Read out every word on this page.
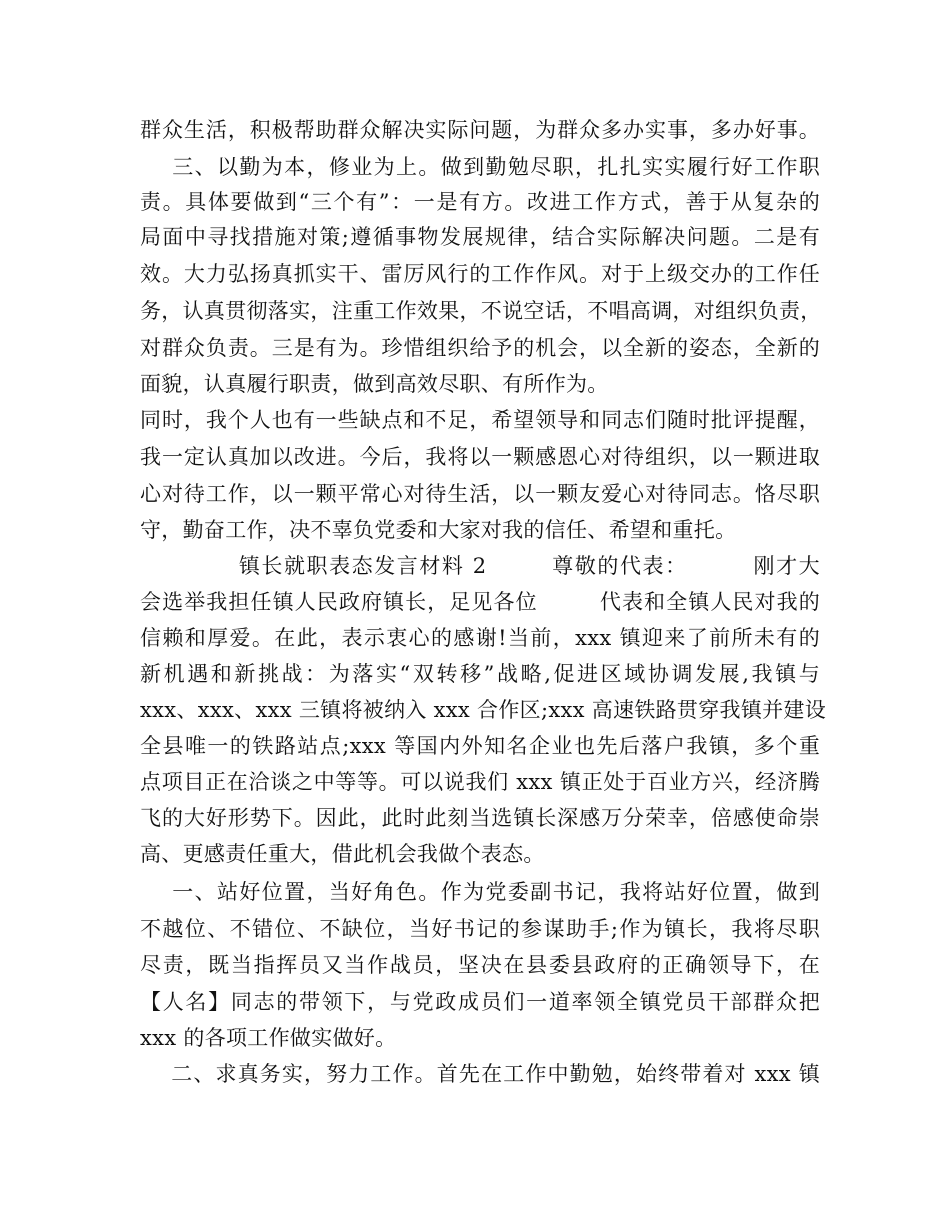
群众生活，积极帮助群众解决实际问题，为群众多办实事，多办好事。
三、以勤为本，修业为上。做到勤勉尽职，扎扎实实履行好工作职
责。具体要做到“三个有”：一是有方。改进工作方式，善于从复杂的
局面中寻找措施对策;遵循事物发展规律，结合实际解决问题。二是有
效。大力弘扬真抓实干、雷厉风行的工作作风。对于上级交办的工作任
务，认真贯彻落实，注重工作效果，不说空话，不唱高调，对组织负责，
对群众负责。三是有为。珍惜组织给予的机会，以全新的姿态，全新的
面貌，认真履行职责，做到高效尽职、有所作为。
同时，我个人也有一些缺点和不足，希望领导和同志们随时批评提醒，
我一定认真加以改进。今后，我将以一颗感恩心对待组织，以一颗进取
心对待工作，以一颗平常心对待生活，以一颗友爱心对待同志。恪尽职
守，勤奋工作，决不辜负党委和大家对我的信任、希望和重托。
镇长就职表态发言材料 2        尊敬的代表：        刚才大
会选举我担任镇人民政府镇长，足见各位        代表和全镇人民对我的
信赖和厚爱。在此，表示衷心的感谢!当前，xxx 镇迎来了前所未有的
新机遇和新挑战：为落实“双转移”战略,促进区域协调发展,我镇与
xxx、xxx、xxx 三镇将被纳入 xxx 合作区;xxx 高速铁路贯穿我镇并建设
全县唯一的铁路站点;xxx 等国内外知名企业也先后落户我镇，多个重
点项目正在洽谈之中等等。可以说我们 xxx 镇正处于百业方兴，经济腾
飞的大好形势下。因此，此时此刻当选镇长深感万分荣幸，倍感使命崇
高、更感责任重大，借此机会我做个表态。
一、站好位置，当好角色。作为党委副书记，我将站好位置，做到
不越位、不错位、不缺位，当好书记的参谋助手;作为镇长，我将尽职
尽责，既当指挥员又当作战员，坚决在县委县政府的正确领导下，在
【人名】同志的带领下，与党政成员们一道率领全镇党员干部群众把
xxx 的各项工作做实做好。
二、求真务实，努力工作。首先在工作中勤勉，始终带着对 xxx 镇
